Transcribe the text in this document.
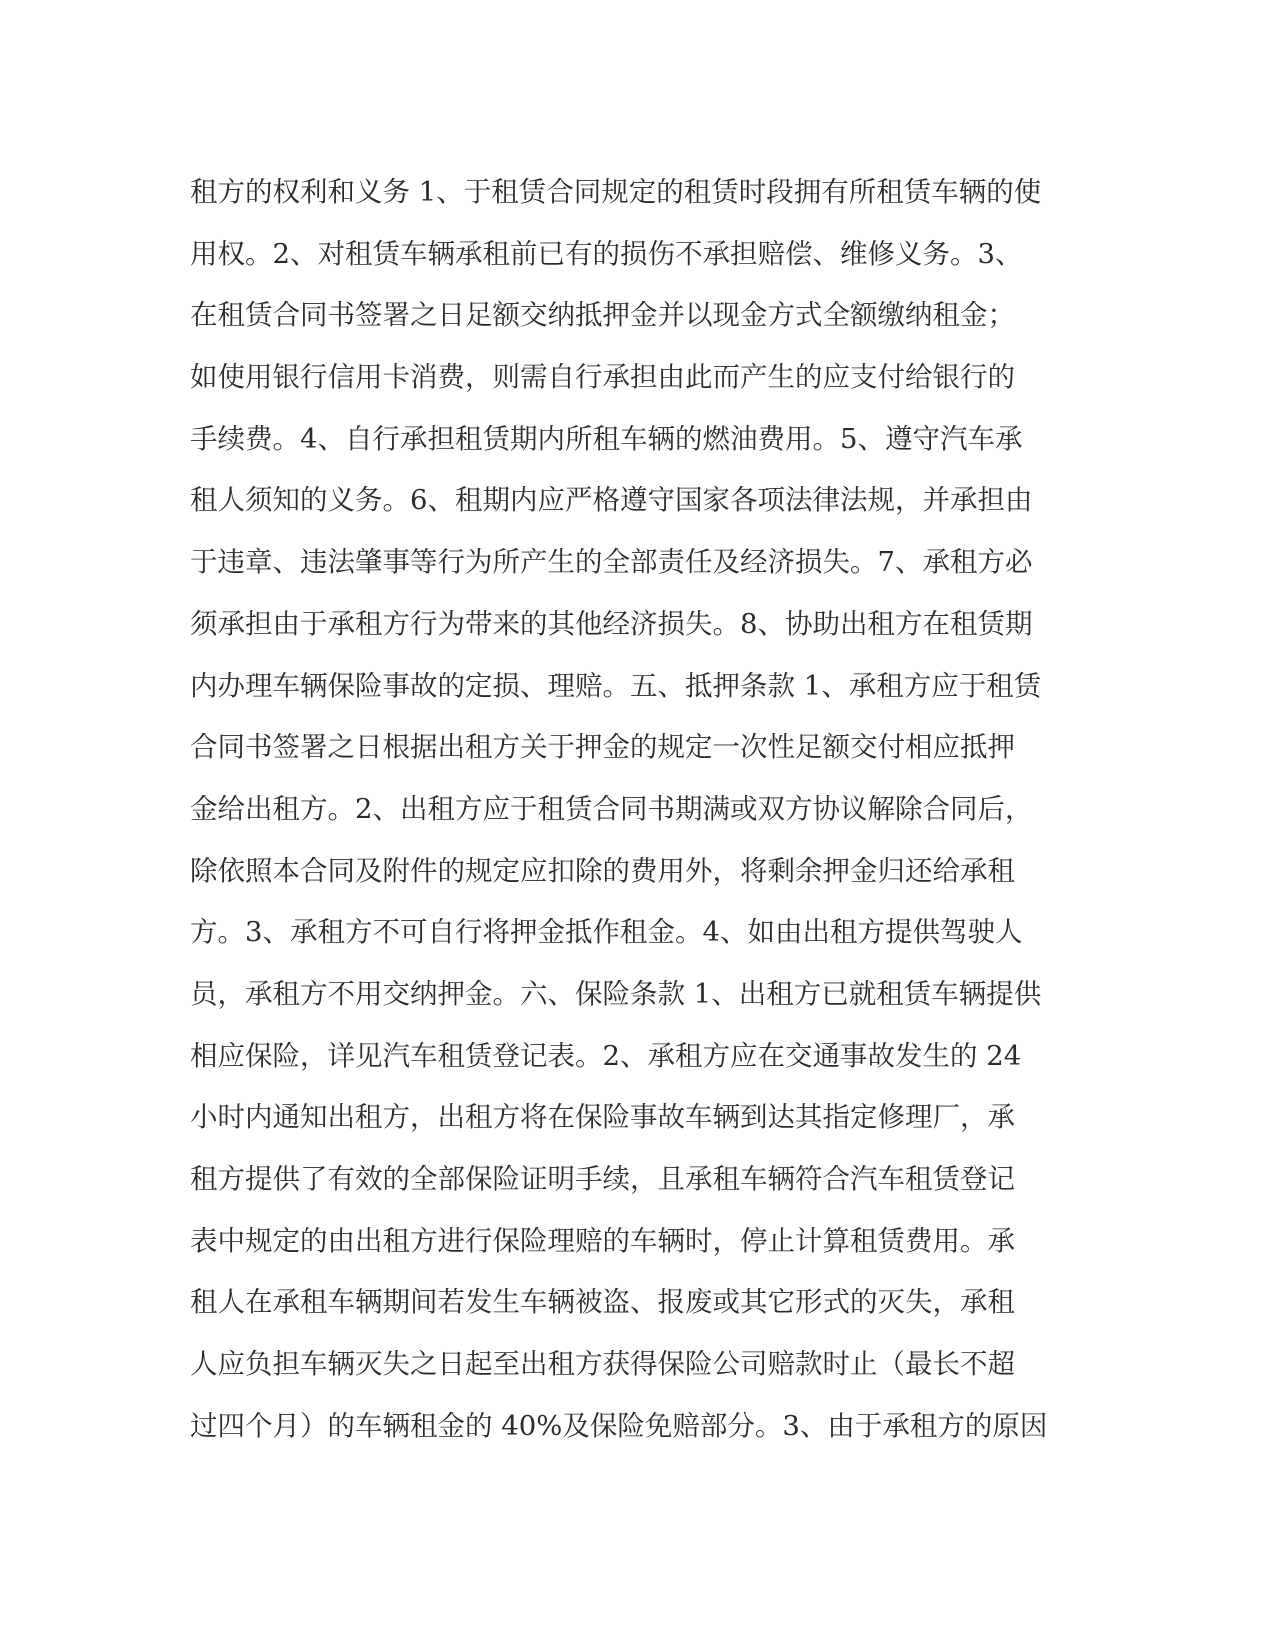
租方的权利和义务 1、于租赁合同规定的租赁时段拥有所租赁车辆的使
用权。2、对租赁车辆承租前已有的损伤不承担赔偿、维修义务。3、
在租赁合同书签署之日足额交纳抵押金并以现金方式全额缴纳租金；
如使用银行信用卡消费，则需自行承担由此而产生的应支付给银行的
手续费。4、自行承担租赁期内所租车辆的燃油费用。5、遵守汽车承
租人须知的义务。6、租期内应严格遵守国家各项法律法规，并承担由
于违章、违法肇事等行为所产生的全部责任及经济损失。7、承租方必
须承担由于承租方行为带来的其他经济损失。8、协助出租方在租赁期
内办理车辆保险事故的定损、理赔。五、抵押条款 1、承租方应于租赁
合同书签署之日根据出租方关于押金的规定一次性足额交付相应抵押
金给出租方。2、出租方应于租赁合同书期满或双方协议解除合同后，
除依照本合同及附件的规定应扣除的费用外，将剩余押金归还给承租
方。3、承租方不可自行将押金抵作租金。4、如由出租方提供驾驶人
员，承租方不用交纳押金。六、保险条款 1、出租方已就租赁车辆提供
相应保险，详见汽车租赁登记表。2、承租方应在交通事故发生的 24
小时内通知出租方，出租方将在保险事故车辆到达其指定修理厂，承
租方提供了有效的全部保险证明手续，且承租车辆符合汽车租赁登记
表中规定的由出租方进行保险理赔的车辆时，停止计算租赁费用。承
租人在承租车辆期间若发生车辆被盗、报废或其它形式的灭失，承租
人应负担车辆灭失之日起至出租方获得保险公司赔款时止（最长不超
过四个月）的车辆租金的 40%及保险免赔部分。3、由于承租方的原因
